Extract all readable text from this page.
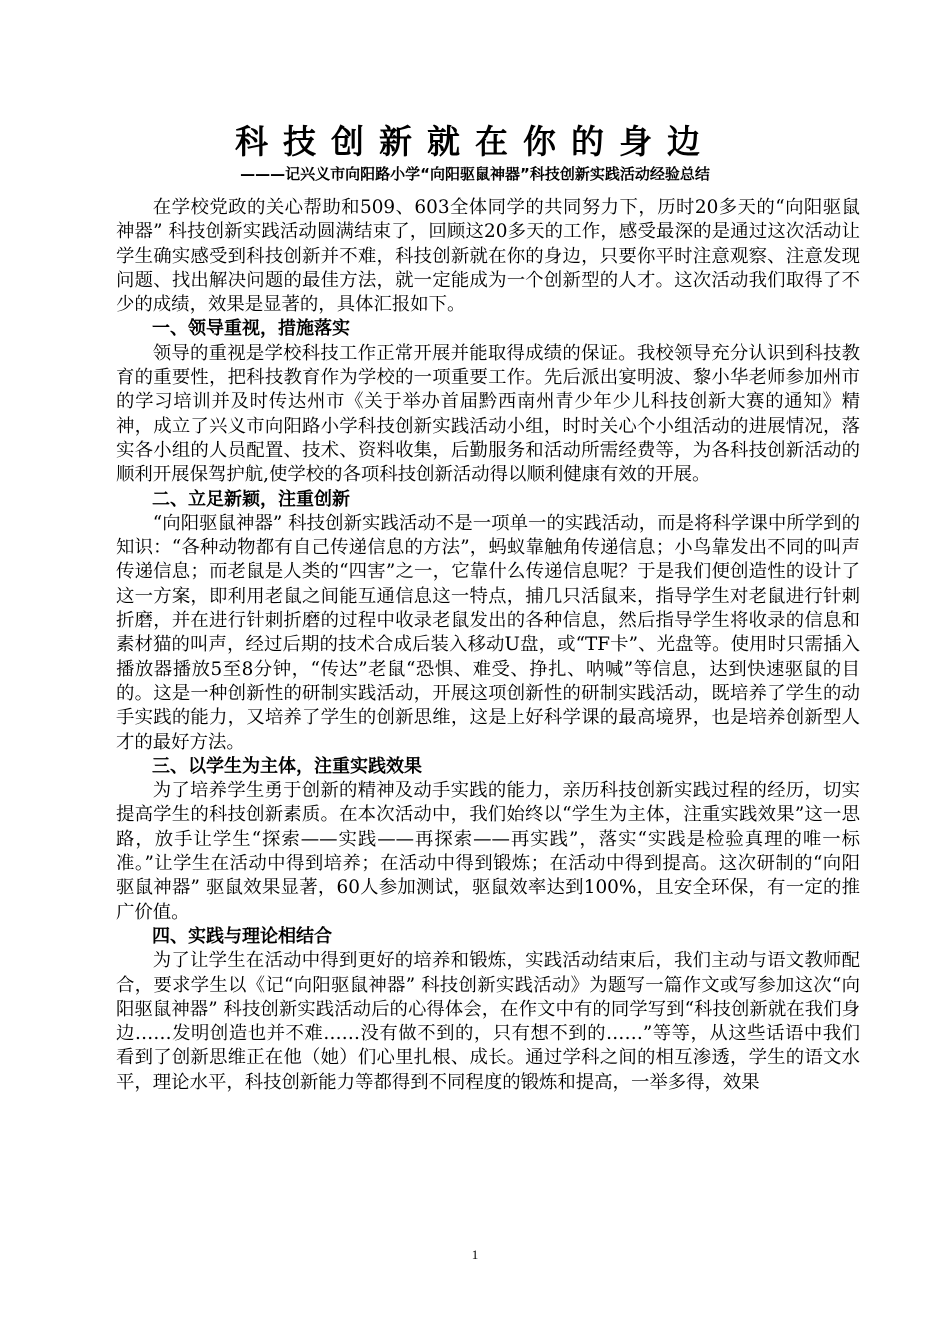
科技创新就在你的身边
———记兴义市向阳路小学“向阳驱鼠神器”科技创新实践活动经验总结

在学校党政的关心帮助和509、603全体同学的共同努力下，历时20多天的“向阳驱鼠神器” 科技创新实践活动圆满结束了，回顾这20多天的工作，感受最深的是通过这次活动让学生确实感受到科技创新并不难，科技创新就在你的身边，只要你平时注意观察、注意发现问题、找出解决问题的最佳方法，就一定能成为一个创新型的人才。这次活动我们取得了不少的成绩，效果是显著的，具体汇报如下。

一、领导重视，措施落实

领导的重视是学校科技工作正常开展并能取得成绩的保证。我校领导充分认识到科技教育的重要性，把科技教育作为学校的一项重要工作。先后派出宴明波、黎小华老师参加州市的学习培训并及时传达州市《关于举办首届黔西南州青少年少儿科技创新大赛的通知》精神，成立了兴义市向阳路小学科技创新实践活动小组，时时关心个小组活动的进展情况，落实各小组的人员配置、技术、资料收集，后勤服务和活动所需经费等，为各科技创新活动的顺利开展保驾护航,使学校的各项科技创新活动得以顺利健康有效的开展。

二、立足新颖，注重创新

“向阳驱鼠神器” 科技创新实践活动不是一项单一的实践活动，而是将科学课中所学到的知识：“各种动物都有自己传递信息的方法”，蚂蚁靠触角传递信息；小鸟靠发出不同的叫声传递信息；而老鼠是人类的“四害”之一，它靠什么传递信息呢？于是我们便创造性的设计了这一方案，即利用老鼠之间能互通信息这一特点，捕几只活鼠来，指导学生对老鼠进行针刺折磨，并在进行针刺折磨的过程中收录老鼠发出的各种信息，然后指导学生将收录的信息和素材猫的叫声，经过后期的技术合成后装入移动U盘，或“TF卡”、光盘等。使用时只需插入播放器播放5至8分钟，“传达”老鼠“恐惧、难受、挣扎、呐喊”等信息，达到快速驱鼠的目的。这是一种创新性的研制实践活动，开展这项创新性的研制实践活动，既培养了学生的动手实践的能力，又培养了学生的创新思维，这是上好科学课的最高境界，也是培养创新型人才的最好方法。

三、以学生为主体，注重实践效果

为了培养学生勇于创新的精神及动手实践的能力，亲历科技创新实践过程的经历，切实提高学生的科技创新素质。在本次活动中，我们始终以“学生为主体，注重实践效果”这一思路，放手让学生“探索——实践——再探索——再实践”，落实“实践是检验真理的唯一标准。”让学生在活动中得到培养；在活动中得到锻炼；在活动中得到提高。这次研制的“向阳驱鼠神器” 驱鼠效果显著，60人参加测试，驱鼠效率达到100%，且安全环保，有一定的推广价值。

四、实践与理论相结合

为了让学生在活动中得到更好的培养和锻炼，实践活动结束后，我们主动与语文教师配合，要求学生以《记“向阳驱鼠神器” 科技创新实践活动》为题写一篇作文或写参加这次“向阳驱鼠神器” 科技创新实践活动后的心得体会，在作文中有的同学写到“科技创新就在我们身边……发明创造也并不难……没有做不到的，只有想不到的……”等等，从这些话语中我们看到了创新思维正在他（她）们心里扎根、成长。通过学科之间的相互渗透，学生的语文水平，理论水平，科技创新能力等都得到不同程度的锻炼和提高，一举多得，效果

1
